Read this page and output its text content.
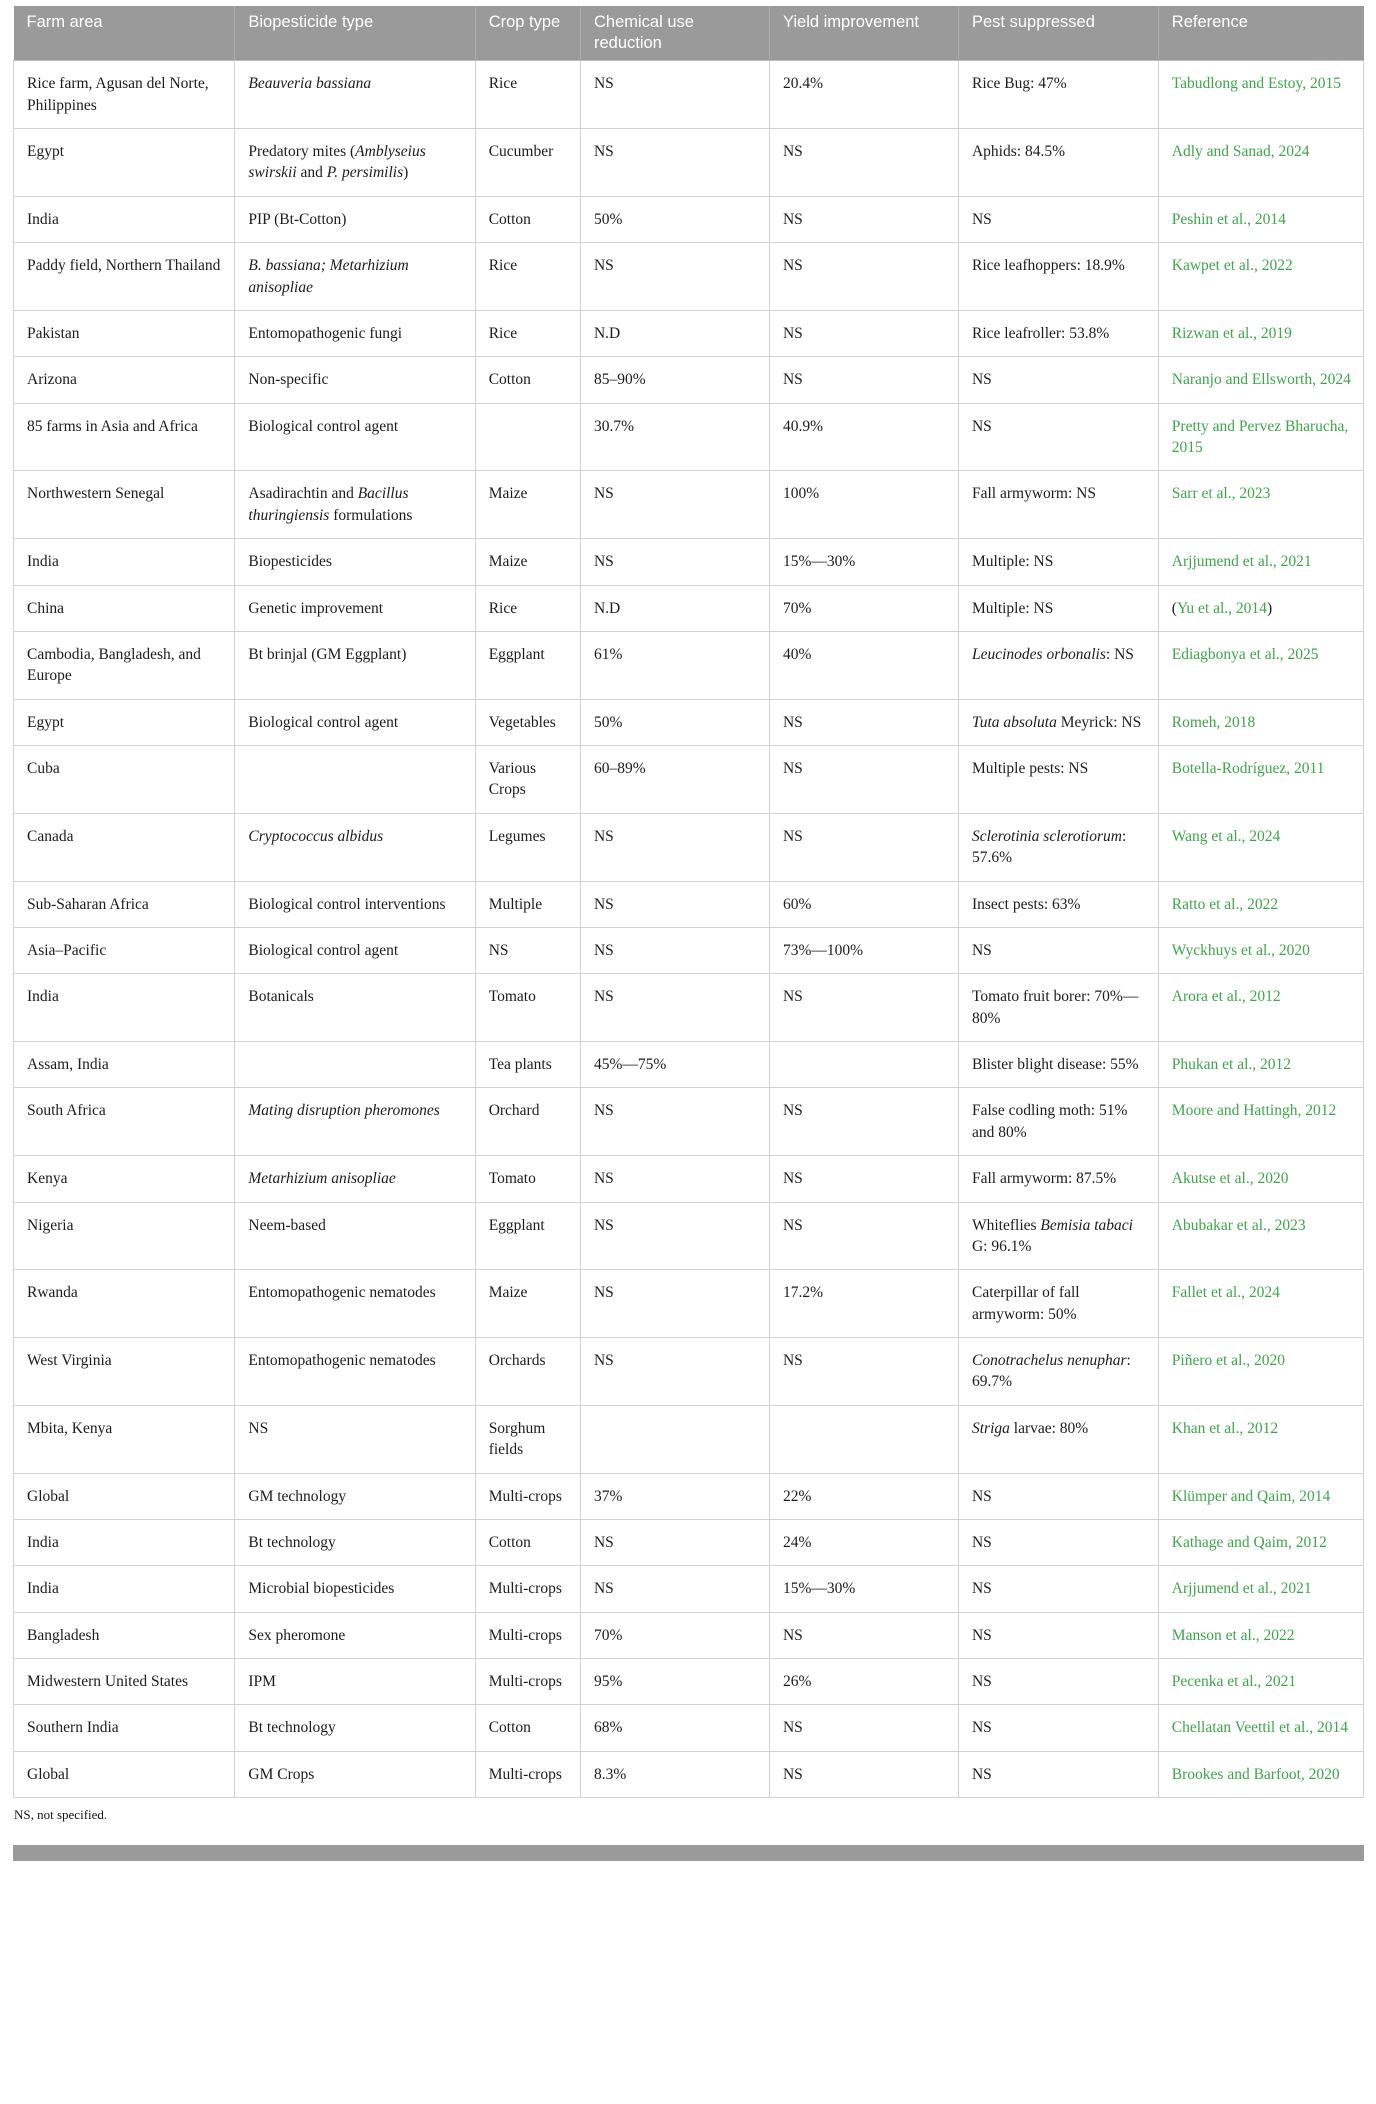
Farm area	Biopesticide type	Crop type	Chemical use reduction	Yield improvement	Pest suppressed	Reference
Rice farm, Agusan del Norte, Philippines	Beauveria bassiana	Rice	NS	20.4%	Rice Bug: 47%	Tabudlong and Estoy, 2015
Egypt	Predatory mites (Amblyseius swirskii and P. persimilis)	Cucumber	NS	NS	Aphids: 84.5%	Adly and Sanad, 2024
India	PIP (Bt-Cotton)	Cotton	50%	NS	NS	Peshin et al., 2014
Paddy field, Northern Thailand	B. bassiana; Metarhizium anisopliae	Rice	NS	NS	Rice leafhoppers: 18.9%	Kawpet et al., 2022
Pakistan	Entomopathogenic fungi	Rice	N.D	NS	Rice leafroller: 53.8%	Rizwan et al., 2019
Arizona	Non-specific	Cotton	85–90%	NS	NS	Naranjo and Ellsworth, 2024
85 farms in Asia and Africa	Biological control agent		30.7%	40.9%	NS	Pretty and Pervez Bharucha, 2015
Northwestern Senegal	Asadirachtin and Bacillus thuringiensis formulations	Maize	NS	100%	Fall armyworm: NS	Sarr et al., 2023
India	Biopesticides	Maize	NS	15%—30%	Multiple: NS	Arjjumend et al., 2021
China	Genetic improvement	Rice	N.D	70%	Multiple: NS	(Yu et al., 2014)
Cambodia, Bangladesh, and Europe	Bt brinjal (GM Eggplant)	Eggplant	61%	40%	Leucinodes orbonalis: NS	Ediagbonya et al., 2025
Egypt	Biological control agent	Vegetables	50%	NS	Tuta absoluta Meyrick: NS	Romeh, 2018
Cuba		Various Crops	60–89%	NS	Multiple pests: NS	Botella-Rodríguez, 2011
Canada	Cryptococcus albidus	Legumes	NS	NS	Sclerotinia sclerotiorum: 57.6%	Wang et al., 2024
Sub-Saharan Africa	Biological control interventions	Multiple	NS	60%	Insect pests: 63%	Ratto et al., 2022
Asia–Pacific	Biological control agent	NS	NS	73%—100%	NS	Wyckhuys et al., 2020
India	Botanicals	Tomato	NS	NS	Tomato fruit borer: 70%—80%	Arora et al., 2012
Assam, India		Tea plants	45%—75%		Blister blight disease: 55%	Phukan et al., 2012
South Africa	Mating disruption pheromones	Orchard	NS	NS	False codling moth: 51% and 80%	Moore and Hattingh, 2012
Kenya	Metarhizium anisopliae	Tomato	NS	NS	Fall armyworm: 87.5%	Akutse et al., 2020
Nigeria	Neem-based	Eggplant	NS	NS	Whiteflies Bemisia tabaci G: 96.1%	Abubakar et al., 2023
Rwanda	Entomopathogenic nematodes	Maize	NS	17.2%	Caterpillar of fall armyworm: 50%	Fallet et al., 2024
West Virginia	Entomopathogenic nematodes	Orchards	NS	NS	Conotrachelus nenuphar: 69.7%	Piñero et al., 2020
Mbita, Kenya	NS	Sorghum fields			Striga larvae: 80%	Khan et al., 2012
Global	GM technology	Multi-crops	37%	22%	NS	Klümper and Qaim, 2014
India	Bt technology	Cotton	NS	24%	NS	Kathage and Qaim, 2012
India	Microbial biopesticides	Multi-crops	NS	15%—30%	NS	Arjjumend et al., 2021
Bangladesh	Sex pheromone	Multi-crops	70%	NS	NS	Manson et al., 2022
Midwestern United States	IPM	Multi-crops	95%	26%	NS	Pecenka et al., 2021
Southern India	Bt technology	Cotton	68%	NS	NS	Chellatan Veettil et al., 2014
Global	GM Crops	Multi-crops	8.3%	NS	NS	Brookes and Barfoot, 2020
NS, not specified.
